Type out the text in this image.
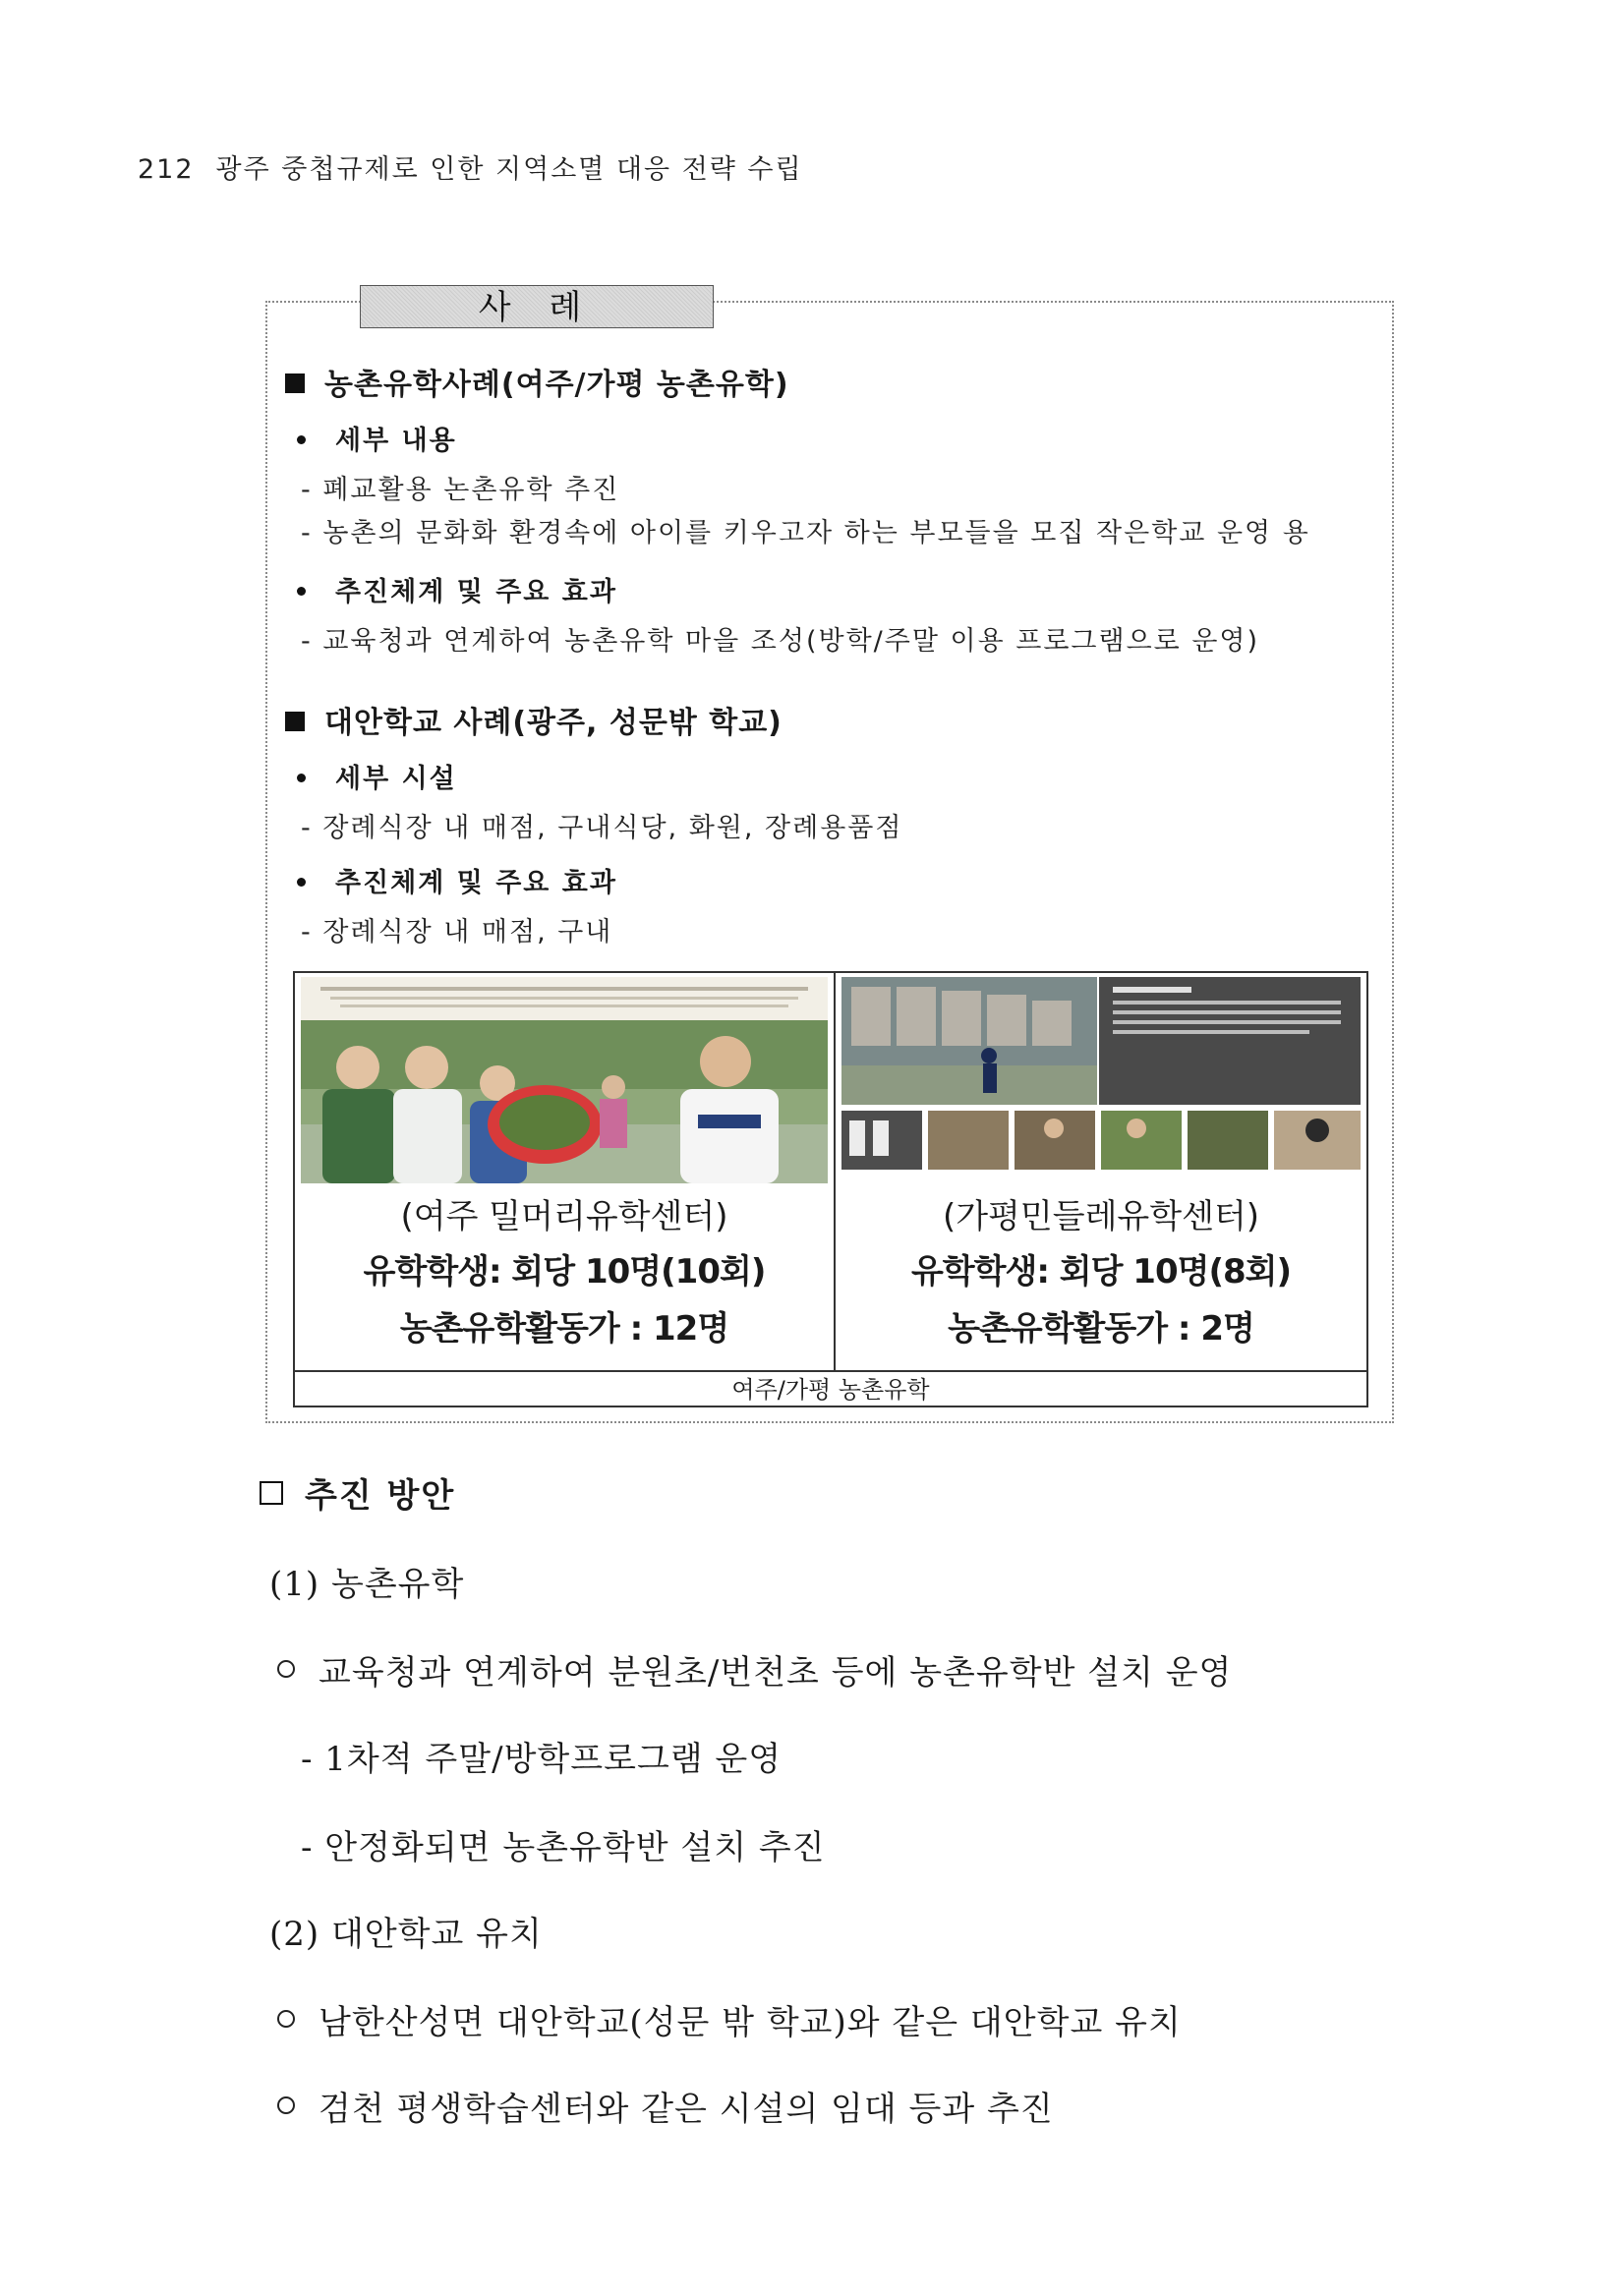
212 광주 중첩규제로 인한 지역소멸 대응 전략 수립
사 례
농촌유학사례(여주/가평 농촌유학)
세부 내용
- 폐교활용 논촌유학 추진
- 농촌의 문화화 환경속에 아이를 키우고자 하는 부모들을 모집 작은학교 운영 용
추진체계 및 주요 효과
- 교육청과 연계하여 농촌유학 마을 조성(방학/주말 이용 프로그램으로 운영)
대안학교 사례(광주, 성문밖 학교)
세부 시설
- 장례식장 내 매점, 구내식당, 화원, 장례용품점
추진체계 및 주요 효과
- 장례식장 내 매점, 구내
(여주 밀머리유학센터)
유학학생: 회당 10명(10회)
농촌유학활동가 : 12명
(가평민들레유학센터)
유학학생: 회당 10명(8회)
농촌유학활동가 : 2명
여주/가평 농촌유학
추진 방안
(1) 농촌유학
교육청과 연계하여 분원초/번천초 등에 농촌유학반 설치 운영
- 1차적 주말/방학프로그램 운영
- 안정화되면 농촌유학반 설치 추진
(2) 대안학교 유치
남한산성면 대안학교(성문 밖 학교)와 같은 대안학교 유치
검천 평생학습센터와 같은 시설의 임대 등과 추진
